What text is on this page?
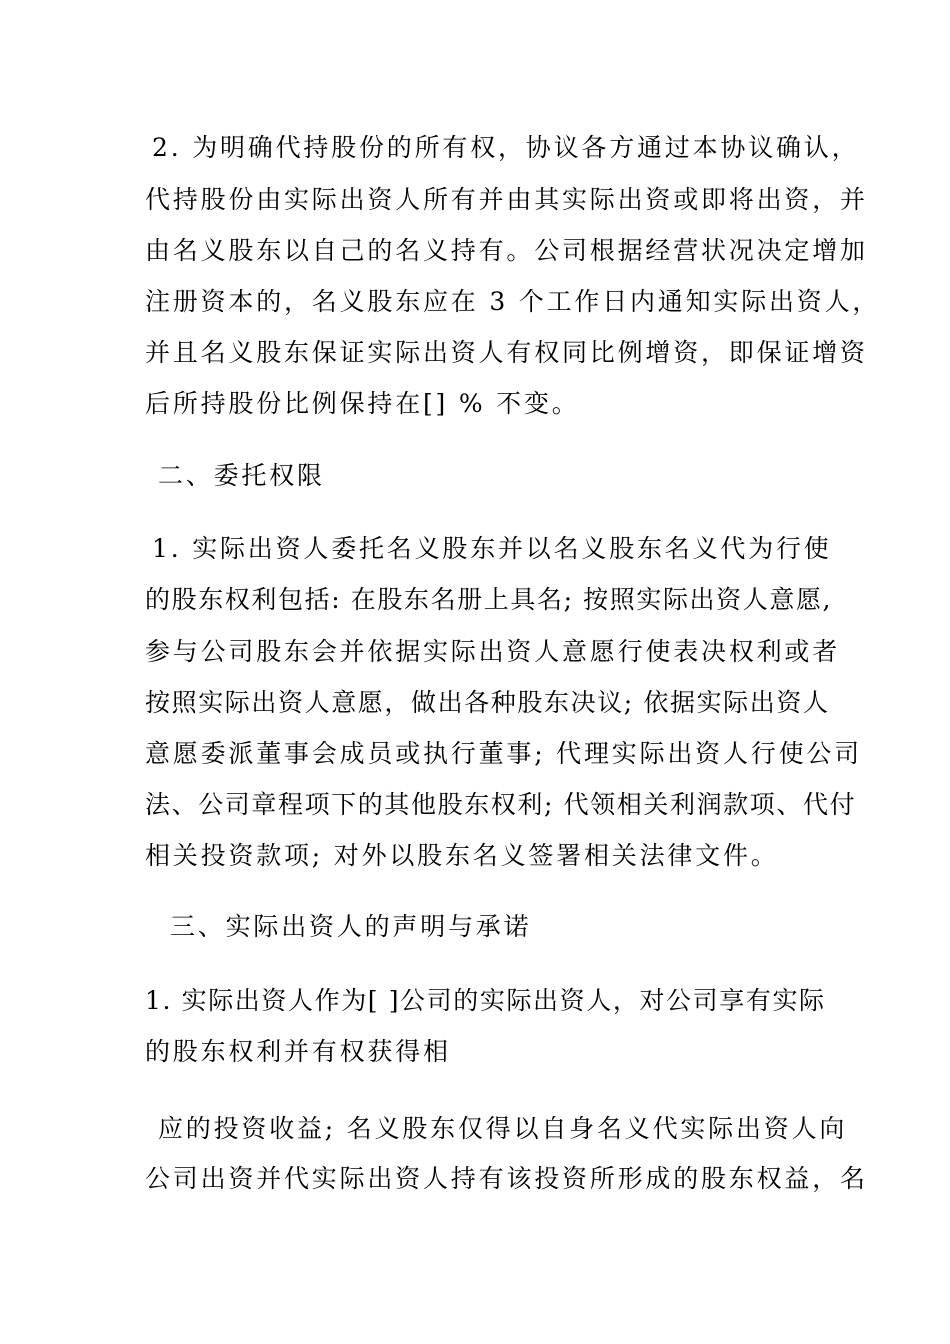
2. 为明确代持股份的所有权，协议各方通过本协议确认，
代持股份由实际出资人所有并由其实际出资或即将出资，并
由名义股东以自己的名义持有。公司根据经营状况决定增加
注册资本的，名义股东应在 3 个工作日内通知实际出资人，
并且名义股东保证实际出资人有权同比例增资，即保证增资
后所持股份比例保持在[] % 不变。
二、委托权限
1. 实际出资人委托名义股东并以名义股东名义代为行使
的股东权利包括: 在股东名册上具名; 按照实际出资人意愿,
参与公司股东会并依据实际出资人意愿行使表决权利或者
按照实际出资人意愿，做出各种股东决议; 依据实际出资人
意愿委派董事会成员或执行董事; 代理实际出资人行使公司
法、公司章程项下的其他股东权利; 代领相关利润款项、代付
相关投资款项; 对外以股东名义签署相关法律文件。
三、实际出资人的声明与承诺
1. 实际出资人作为[ ]公司的实际出资人，对公司享有实际
的股东权利并有权获得相
应的投资收益; 名义股东仅得以自身名义代实际出资人向
公司出资并代实际出资人持有该投资所形成的股东权益，名
